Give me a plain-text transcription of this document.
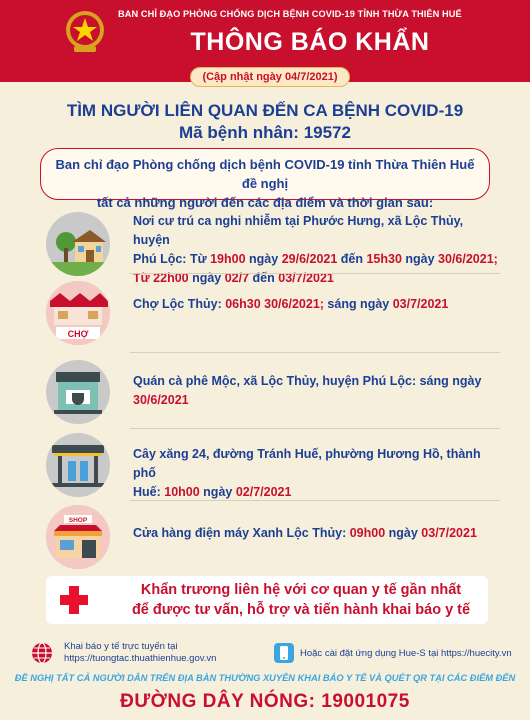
BAN CHỈ ĐẠO PHÒNG CHỐNG DỊCH BỆNH COVID-19 TỈNH THỪA THIÊN HUẾ
THÔNG BÁO KHẨN
(Cập nhật ngày 04/7/2021)
TÌM NGƯỜI LIÊN QUAN ĐẾN CA BỆNH COVID-19
Mã bệnh nhân: 19572
Ban chỉ đạo Phòng chống dịch bệnh COVID-19 tỉnh Thừa Thiên Huế đề nghị
tất cả những người đến các địa điểm và thời gian sau:
Nơi cư trú ca nghi nhiễm tại Phước Hưng, xã Lộc Thủy, huyện
Phú Lộc: Từ 19h00 ngày 29/6/2021 đến 15h30 ngày 30/6/2021;
Từ 22h00 ngày 02/7 đến 03/7/2021
CHỢ
Chợ Lộc Thủy: 06h30 30/6/2021; sáng ngày 03/7/2021
Quán cà phê Mộc, xã Lộc Thủy, huyện Phú Lộc: sáng ngày
30/6/2021
Cây xăng 24, đường Tránh Huế, phường Hương Hồ, thành phố
Huế: 10h00 ngày 02/7/2021
SHOP
Cửa hàng điện máy Xanh Lộc Thủy: 09h00 ngày 03/7/2021
Khẩn trương liên hệ với cơ quan y tế gần nhất
để được tư vấn, hỗ trợ và tiến hành khai báo y tế
Khai báo y tế trực tuyến tại
https://tuongtac.thuathienhue.gov.vn	Hoặc cài đặt ứng dụng Hue-S tại https://huecity.vn
ĐỀ NGHỊ TẤT CẢ NGƯỜI DÂN TRÊN ĐỊA BÀN THƯỜNG XUYÊN KHAI BÁO Y TẾ VÀ QUÉT QR TẠI CÁC ĐIỂM ĐẾN
ĐƯỜNG DÂY NÓNG: 19001075
